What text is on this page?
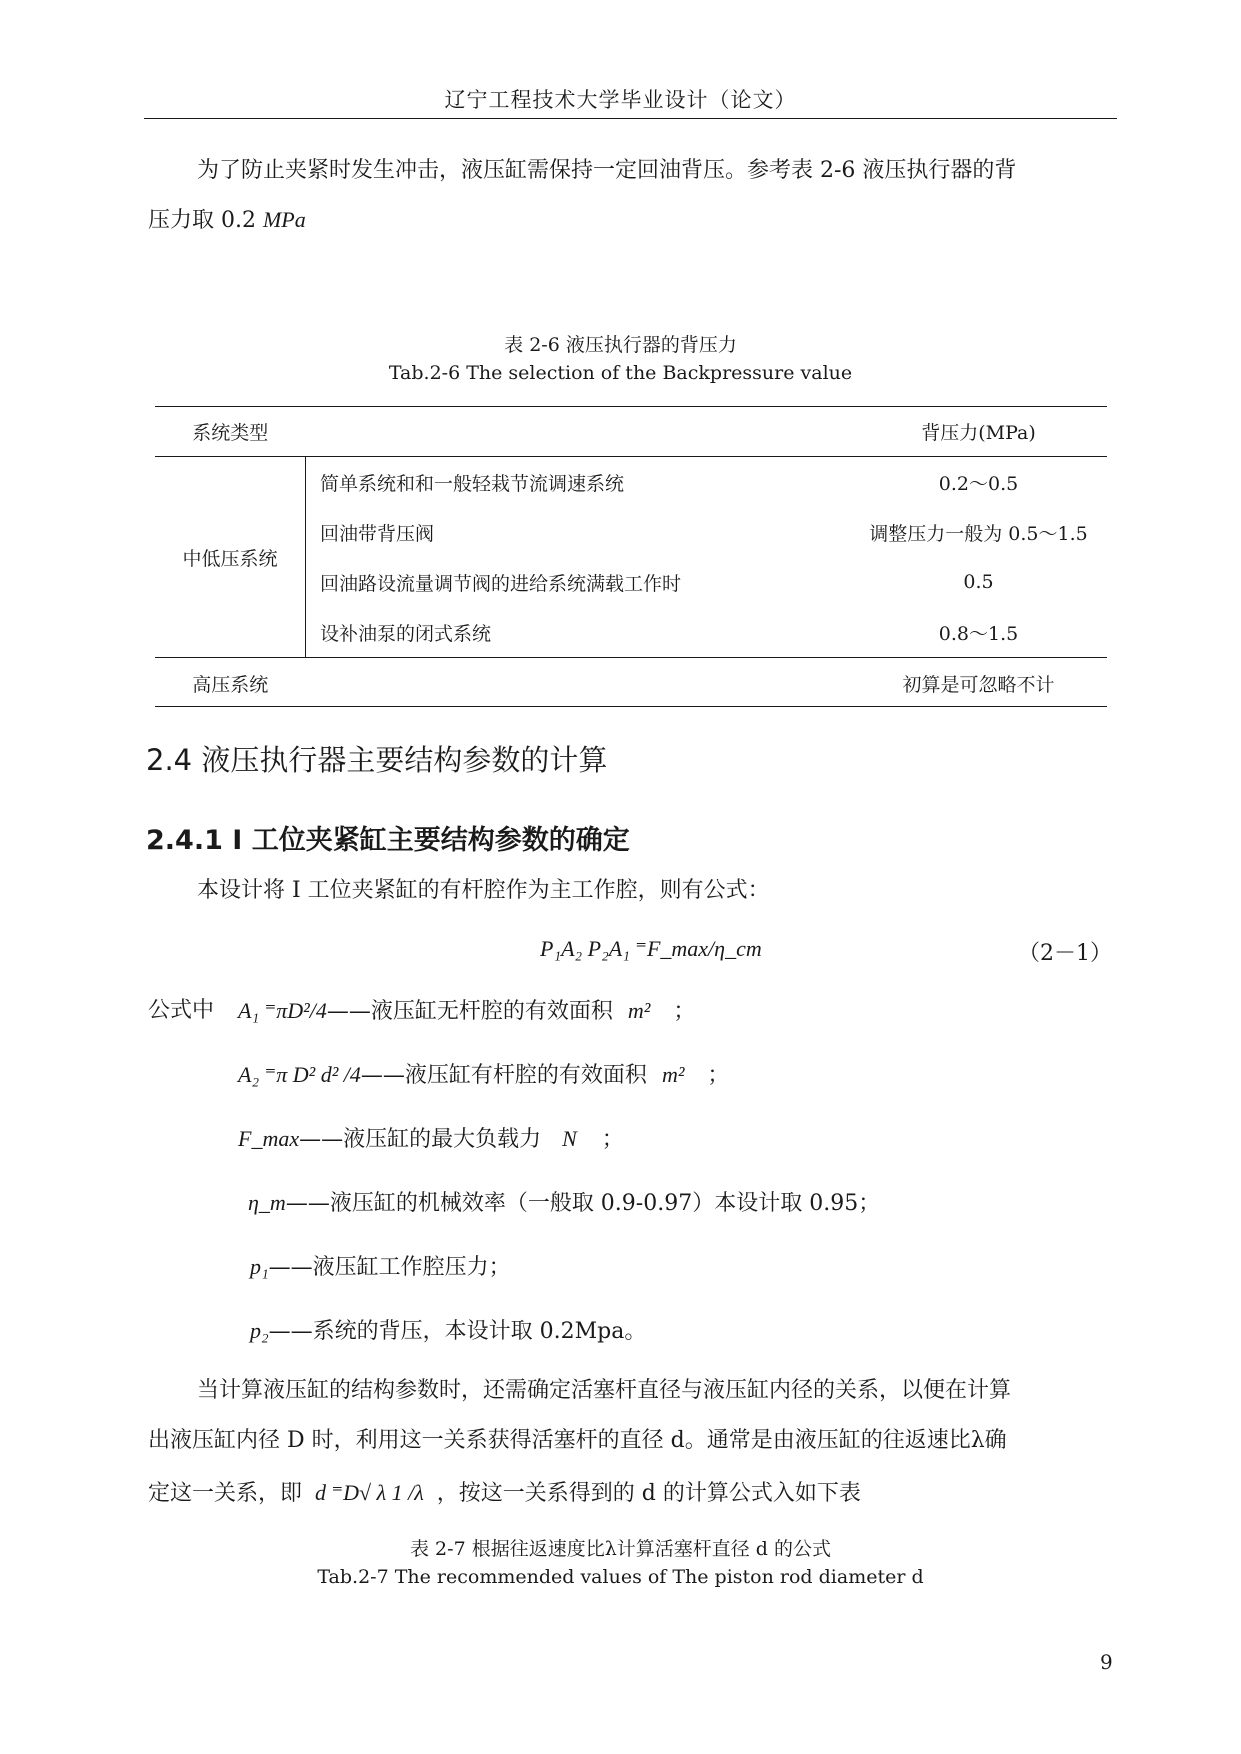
辽宁工程技术大学毕业设计（论文）
为了防止夹紧时发生冲击，液压缸需保持一定回油背压。参考表 2-6 液压执行器的背
压力取 0.2 MPa
表 2-6 液压执行器的背压力
Tab.2-6 The selection of the Backpressure value
系统类型		背压力(MPa)
中低压系统	简单系统和和一般轻栽节流调速系统	0.2～0.5
	回油带背压阀	调整压力一般为 0.5～1.5
	回油路设流量调节阀的进给系统满载工作时	0.5
	设补油泵的闭式系统	0.8～1.5
高压系统		初算是可忽略不计
2.4 液压执行器主要结构参数的计算
2.4.1 I 工位夹紧缸主要结构参数的确定
本设计将 I 工位夹紧缸的有杆腔作为主工作腔，则有公式：
P₁A₂ P₂A₁ ⁼F_max/η_cm	（2－1）
公式中 A₁ ⁼πD²/4——液压缸无杆腔的有效面积 m² ；
A₂ ⁼π D² d² /4——液压缸有杆腔的有效面积 m² ；
F_max——液压缸的最大负载力 N ；
η_m——液压缸的机械效率（一般取 0.9-0.97）本设计取 0.95；
p₁——液压缸工作腔压力；
p₂——系统的背压，本设计取 0.2Mpa。
当计算液压缸的结构参数时，还需确定活塞杆直径与液压缸内径的关系，以便在计算
出液压缸内径 D 时，利用这一关系获得活塞杆的直径 d。通常是由液压缸的往返速比λ确
定这一关系，即 d ⁼D√ λ 1 /λ ，按这一关系得到的 d 的计算公式入如下表
表 2-7 根据往返速度比λ计算活塞杆直径 d 的公式
Tab.2-7 The recommended values of The piston rod diameter d
9
